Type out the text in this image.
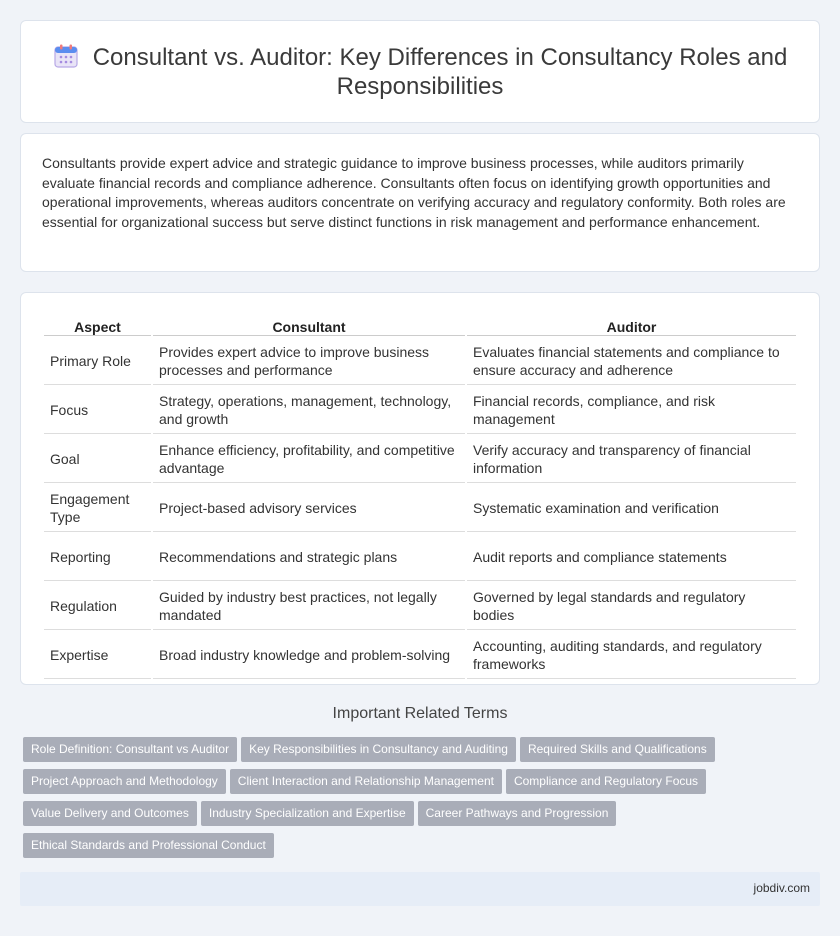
Consultant vs. Auditor: Key Differences in Consultancy Roles and
Responsibilities

Consultants provide expert advice and strategic guidance to improve business processes, while auditors primarily evaluate financial records and compliance adherence. Consultants often focus on identifying growth opportunities and operational improvements, whereas auditors concentrate on verifying accuracy and regulatory conformity. Both roles are essential for organizational success but serve distinct functions in risk management and performance enhancement.

Aspect	Consultant	Auditor
Primary Role	Provides expert advice to improve business processes and performance	Evaluates financial statements and compliance to ensure accuracy and adherence
Focus	Strategy, operations, management, technology, and growth	Financial records, compliance, and risk management
Goal	Enhance efficiency, profitability, and competitive advantage	Verify accuracy and transparency of financial information
Engagement Type	Project-based advisory services	Systematic examination and verification
Reporting	Recommendations and strategic plans	Audit reports and compliance statements
Regulation	Guided by industry best practices, not legally mandated	Governed by legal standards and regulatory bodies
Expertise	Broad industry knowledge and problem-solving	Accounting, auditing standards, and regulatory frameworks
Important Related Terms
Role Definition: Consultant vs Auditor Key Responsibilities in Consultancy and Auditing Required Skills and Qualifications
Project Approach and Methodology Client Interaction and Relationship Management Compliance and Regulatory Focus
Value Delivery and Outcomes Industry Specialization and Expertise Career Pathways and Progression
Ethical Standards and Professional Conduct
jobdiv.com
